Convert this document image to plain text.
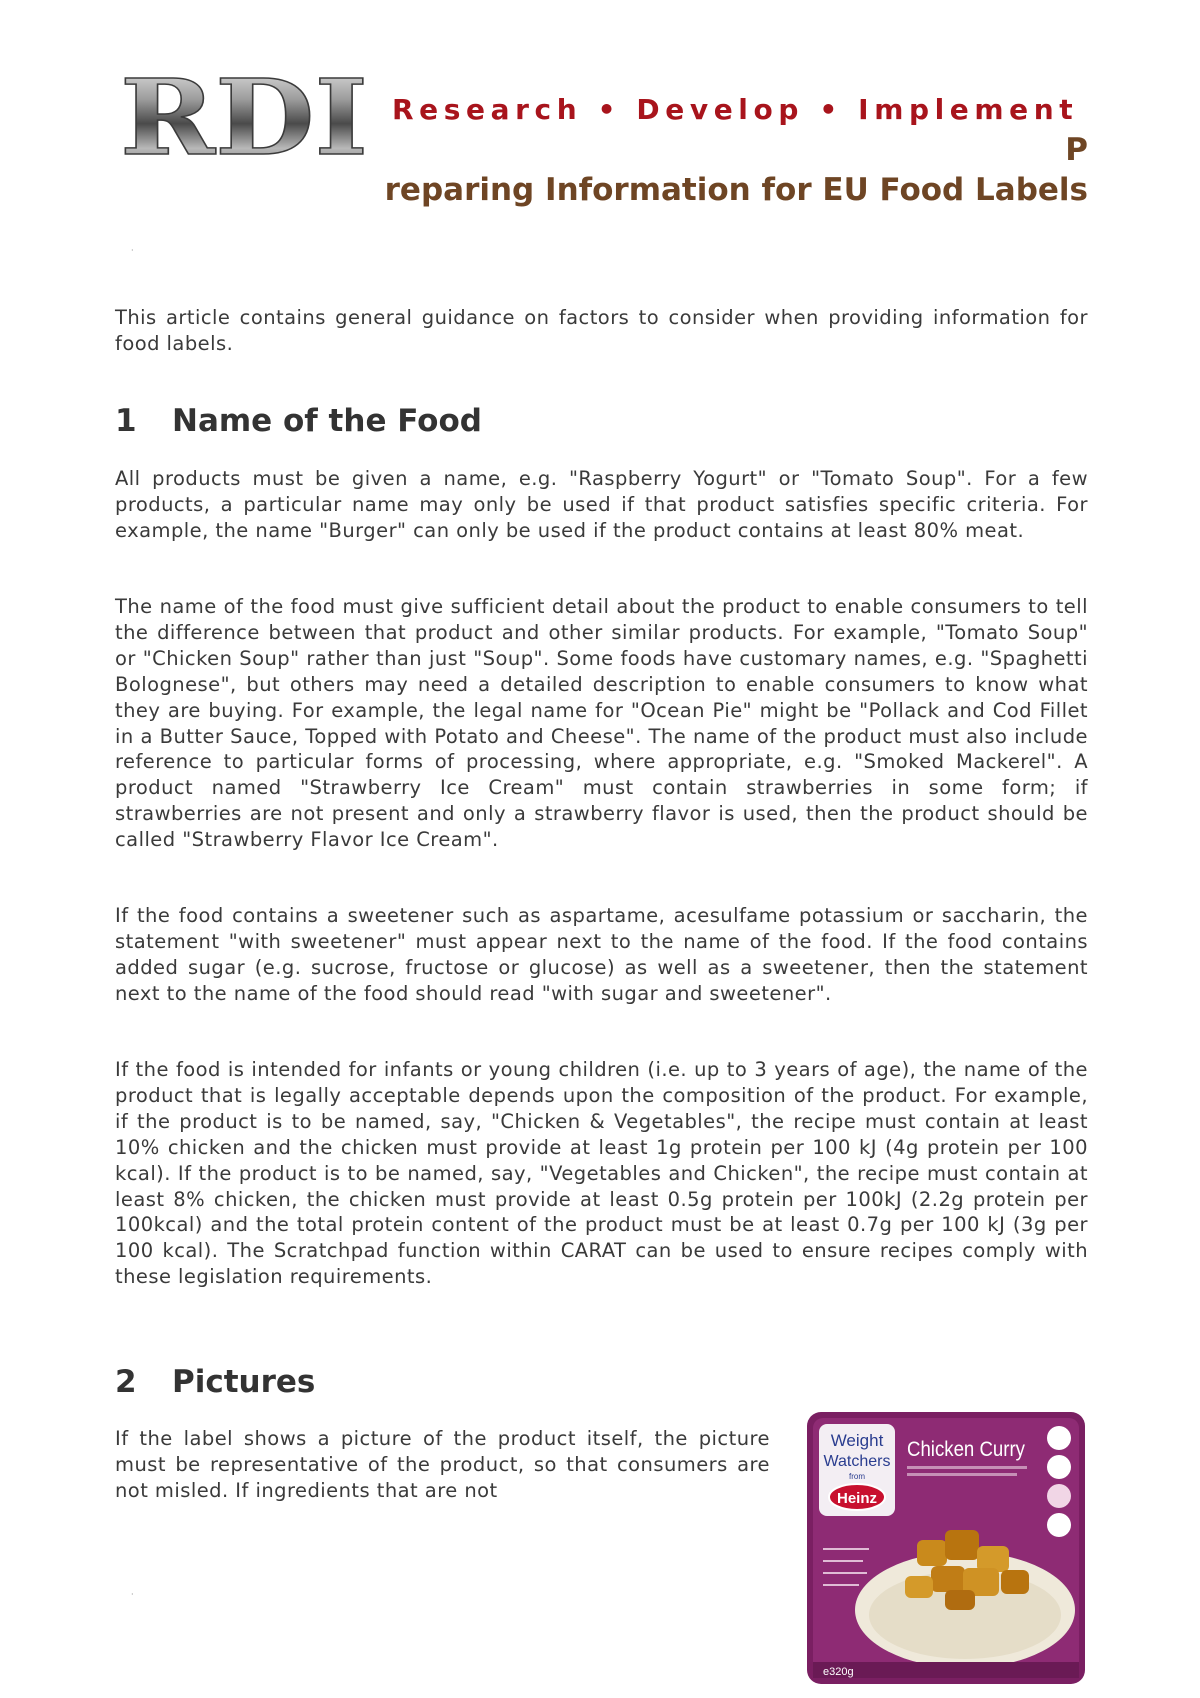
RDI Research • Develop • Implement
P
reparing Information for EU Food Labels
·

This article contains general guidance on factors to consider when providing information for food labels.

1 Name of the Food

All products must be given a name, e.g. "Raspberry Yogurt" or "Tomato Soup". For a few products, a particular name may only be used if that product satisfies specific criteria. For example, the name "Burger" can only be used if the product contains at least 80% meat.

The name of the food must give sufficient detail about the product to enable consumers to tell the difference between that product and other similar products. For example, "Tomato Soup" or "Chicken Soup" rather than just "Soup". Some foods have customary names, e.g. "Spaghetti Bolognese", but others may need a detailed description to enable consumers to know what they are buying. For example, the legal name for "Ocean Pie" might be "Pollack and Cod Fillet in a Butter Sauce, Topped with Potato and Cheese". The name of the product must also include reference to particular forms of processing, where appropriate, e.g. "Smoked Mackerel". A product named "Strawberry Ice Cream" must contain strawberries in some form; if strawberries are not present and only a strawberry flavor is used, then the product should be called "Strawberry Flavor Ice Cream".

If the food contains a sweetener such as aspartame, acesulfame potassium or saccharin, the statement "with sweetener" must appear next to the name of the food. If the food contains added sugar (e.g. sucrose, fructose or glucose) as well as a sweetener, then the statement next to the name of the food should read "with sugar and sweetener".

If the food is intended for infants or young children (i.e. up to 3 years of age), the name of the product that is legally acceptable depends upon the composition of the product. For example, if the product is to be named, say, "Chicken & Vegetables", the recipe must contain at least 10% chicken and the chicken must provide at least 1g protein per 100 kJ (4g protein per 100 kcal). If the product is to be named, say, "Vegetables and Chicken", the recipe must contain at least 8% chicken, the chicken must provide at least 0.5g protein per 100kJ (2.2g protein per 100kcal) and the total protein content of the product must be at least 0.7g per 100 kJ (3g per 100 kcal). The Scratchpad function within CARAT can be used to ensure recipes comply with these legislation requirements.

2 Pictures

If the label shows a picture of the product itself, the picture must be representative of the product, so that consumers are not misled. If ingredients that are not

·
Weight
Watchers
from
Heinz
Chicken Curry
e320g
